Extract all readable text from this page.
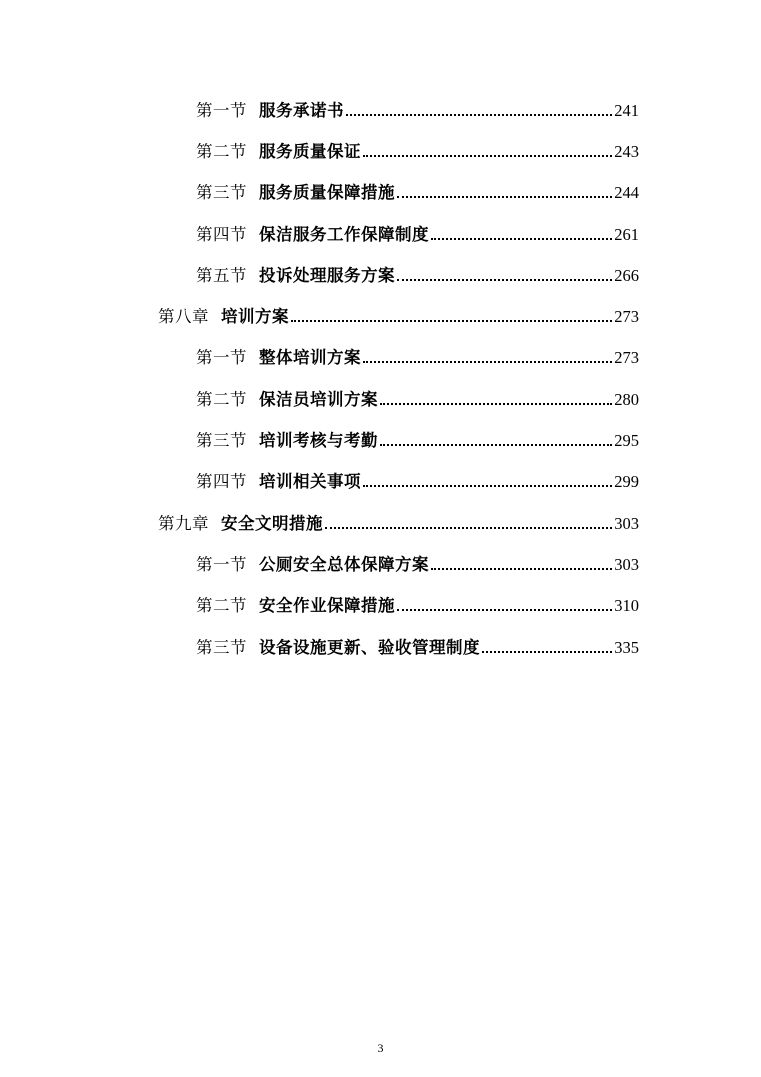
第一节 服务承诺书	241
第二节 服务质量保证	243
第三节 服务质量保障措施	244
第四节 保洁服务工作保障制度	261
第五节 投诉处理服务方案	266
第八章 培训方案	273
第一节 整体培训方案	273
第二节 保洁员培训方案	280
第三节 培训考核与考勤	295
第四节 培训相关事项	299
第九章 安全文明措施	303
第一节 公厕安全总体保障方案	303
第二节 安全作业保障措施	310
第三节 设备设施更新、验收管理制度	335
3
